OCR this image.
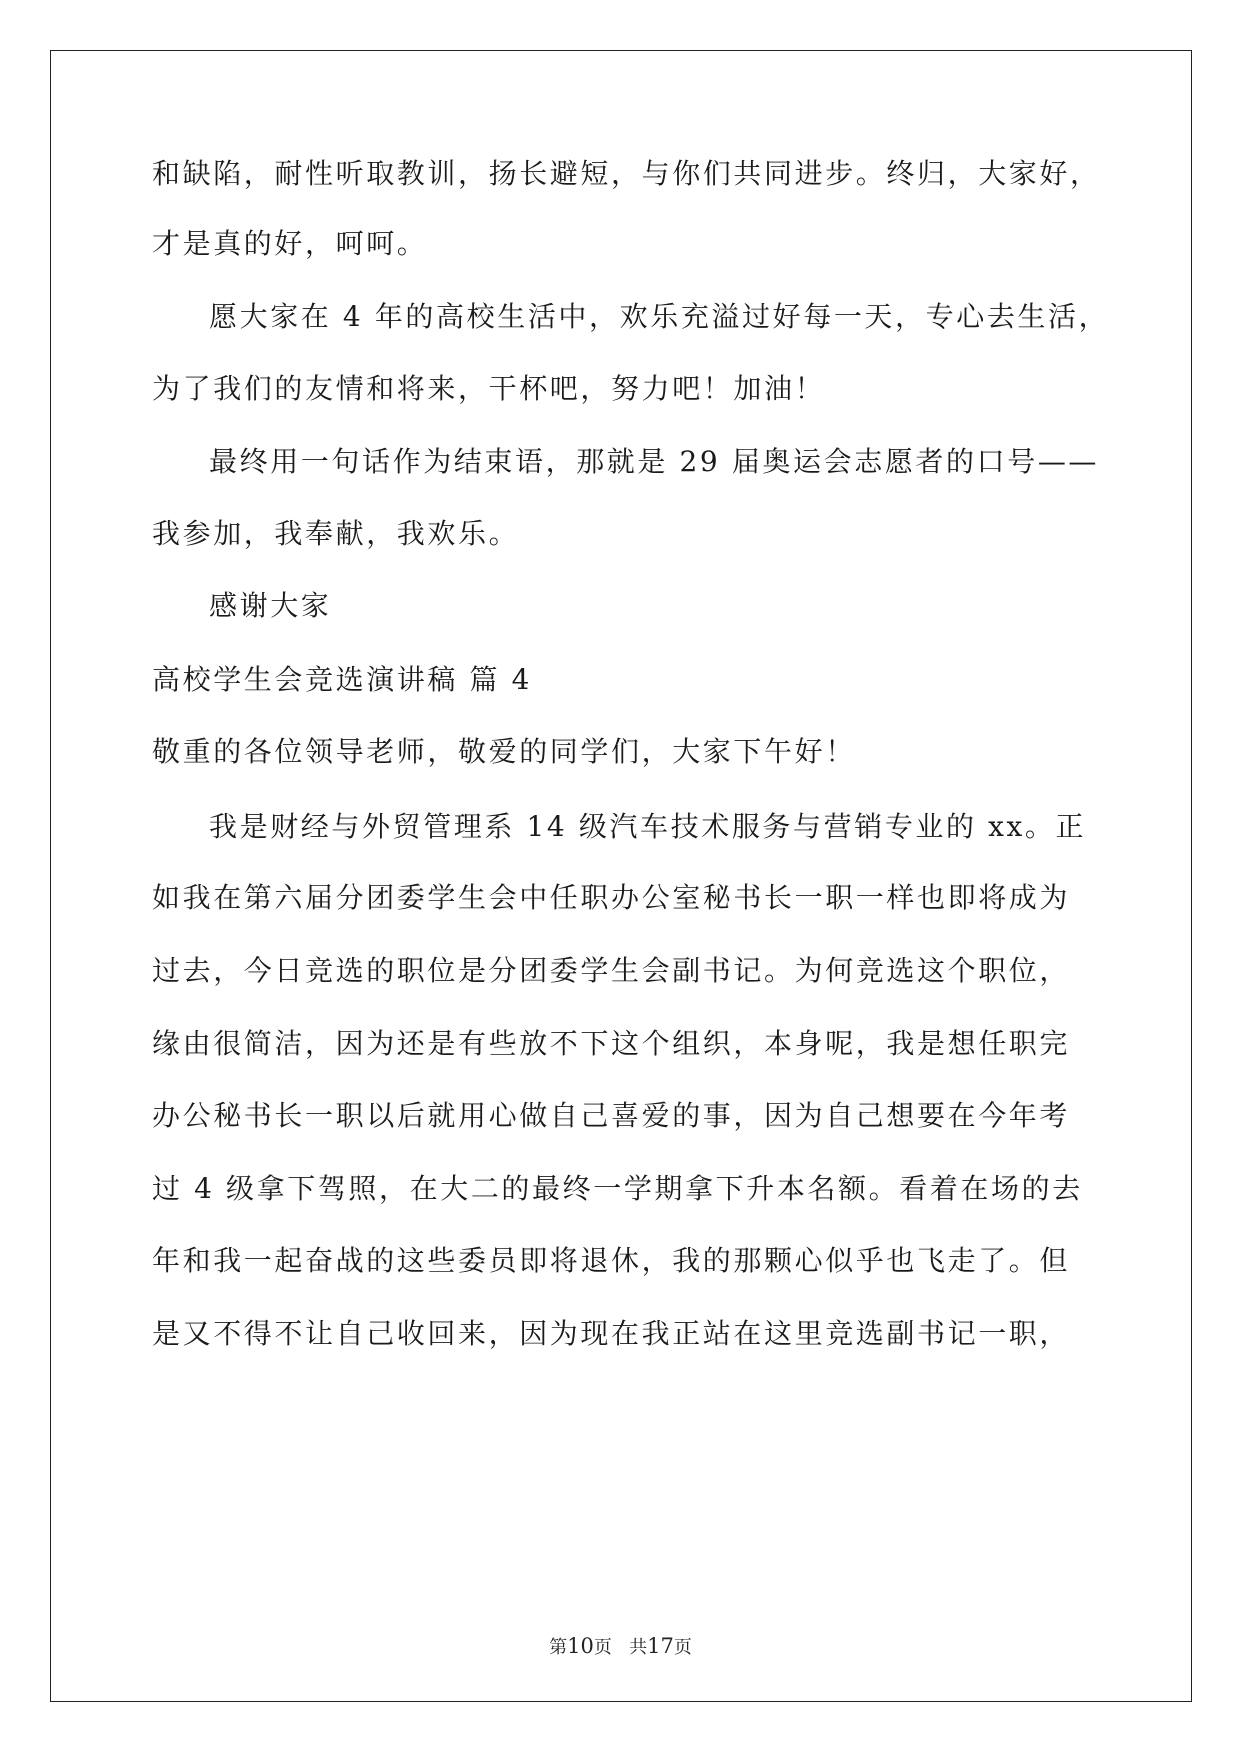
和缺陷，耐性听取教训，扬长避短，与你们共同进步。终归，大家好，
才是真的好，呵呵。
愿大家在 4 年的高校生活中，欢乐充溢过好每一天，专心去生活，
为了我们的友情和将来，干杯吧，努力吧！加油！
最终用一句话作为结束语，那就是 29 届奥运会志愿者的口号——
我参加，我奉献，我欢乐。
感谢大家
高校学生会竞选演讲稿 篇 4
敬重的各位领导老师，敬爱的同学们，大家下午好！
我是财经与外贸管理系 14 级汽车技术服务与营销专业的 xx。正
如我在第六届分团委学生会中任职办公室秘书长一职一样也即将成为
过去，今日竞选的职位是分团委学生会副书记。为何竞选这个职位，
缘由很简洁，因为还是有些放不下这个组织，本身呢，我是想任职完
办公秘书长一职以后就用心做自己喜爱的事，因为自己想要在今年考
过 4 级拿下驾照，在大二的最终一学期拿下升本名额。看着在场的去
年和我一起奋战的这些委员即将退休，我的那颗心似乎也飞走了。但
是又不得不让自己收回来，因为现在我正站在这里竞选副书记一职，
第10页   共17页
